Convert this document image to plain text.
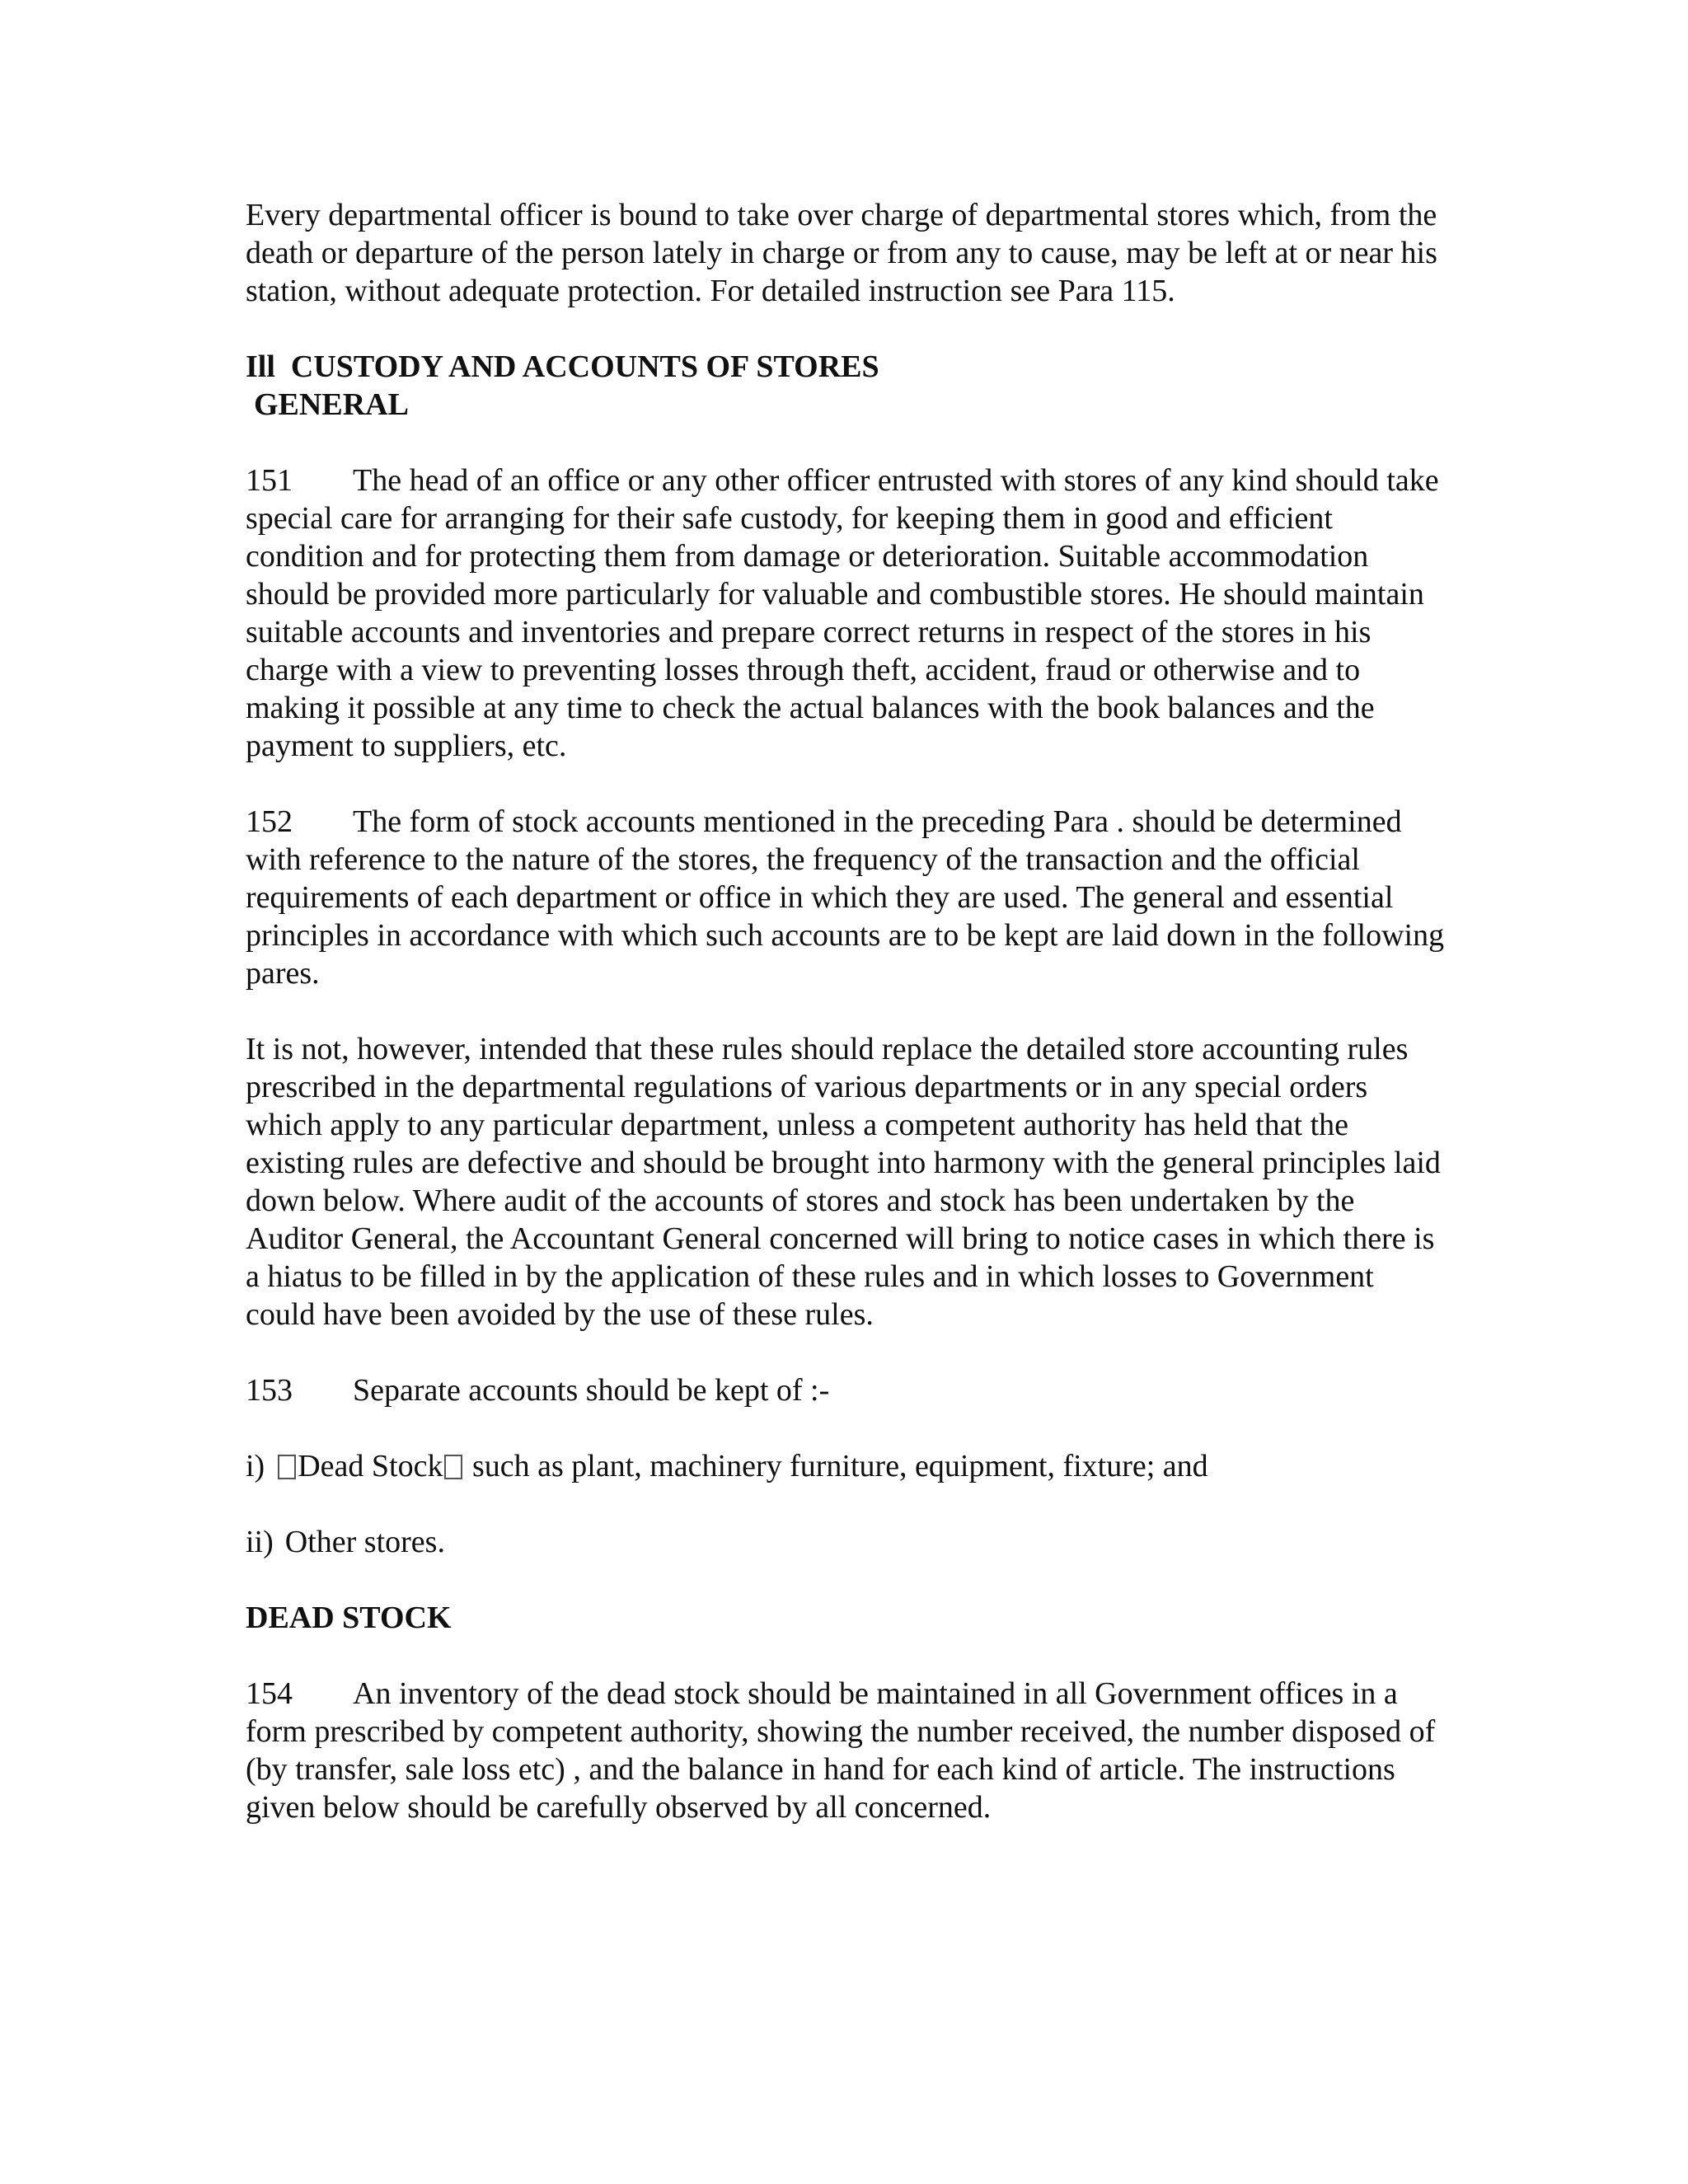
Every departmental officer is bound to take over charge of departmental stores which, from the death or departure of the person lately in charge or from any to cause, may be left at or near his station, without adequate protection. For detailed instruction see Para 115.

Ill  CUSTODY AND ACCOUNTS OF STORES
GENERAL

151 The head of an office or any other officer entrusted with stores of any kind should take special care for arranging for their safe custody, for keeping them in good and efficient condition and for protecting them from damage or deterioration. Suitable accommodation should be provided more particularly for valuable and combustible stores. He should maintain suitable accounts and inventories and prepare correct returns in respect of the stores in his charge with a view to preventing losses through theft, accident, fraud or otherwise and to making it possible at any time to check the actual balances with the book balances and the payment to suppliers, etc.

152 The form of stock accounts mentioned in the preceding Para . should be determined with reference to the nature of the stores, the frequency of the transaction and the official requirements of each department or office in which they are used. The general and essential principles in accordance with which such accounts are to be kept are laid down in the following pares.

It is not, however, intended that these rules should replace the detailed store accounting rules prescribed in the departmental regulations of various departments or in any special orders which apply to any particular department, unless a competent authority has held that the existing rules are defective and should be brought into harmony with the general principles laid down below. Where audit of the accounts of stores and stock has been undertaken by the Auditor General, the Accountant General concerned will bring to notice cases in which there is a hiatus to be filled in by the application of these rules and in which losses to Government could have been avoided by the use of these rules.

153 Separate accounts should be kept of :-

i) Dead Stock such as plant, machinery furniture, equipment, fixture; and

ii) Other stores.

DEAD STOCK

154 An inventory of the dead stock should be maintained in all Government offices in a form prescribed by competent authority, showing the number received, the number disposed of (by transfer, sale loss etc) , and the balance in hand for each kind of article. The instructions given below should be carefully observed by all concerned.
